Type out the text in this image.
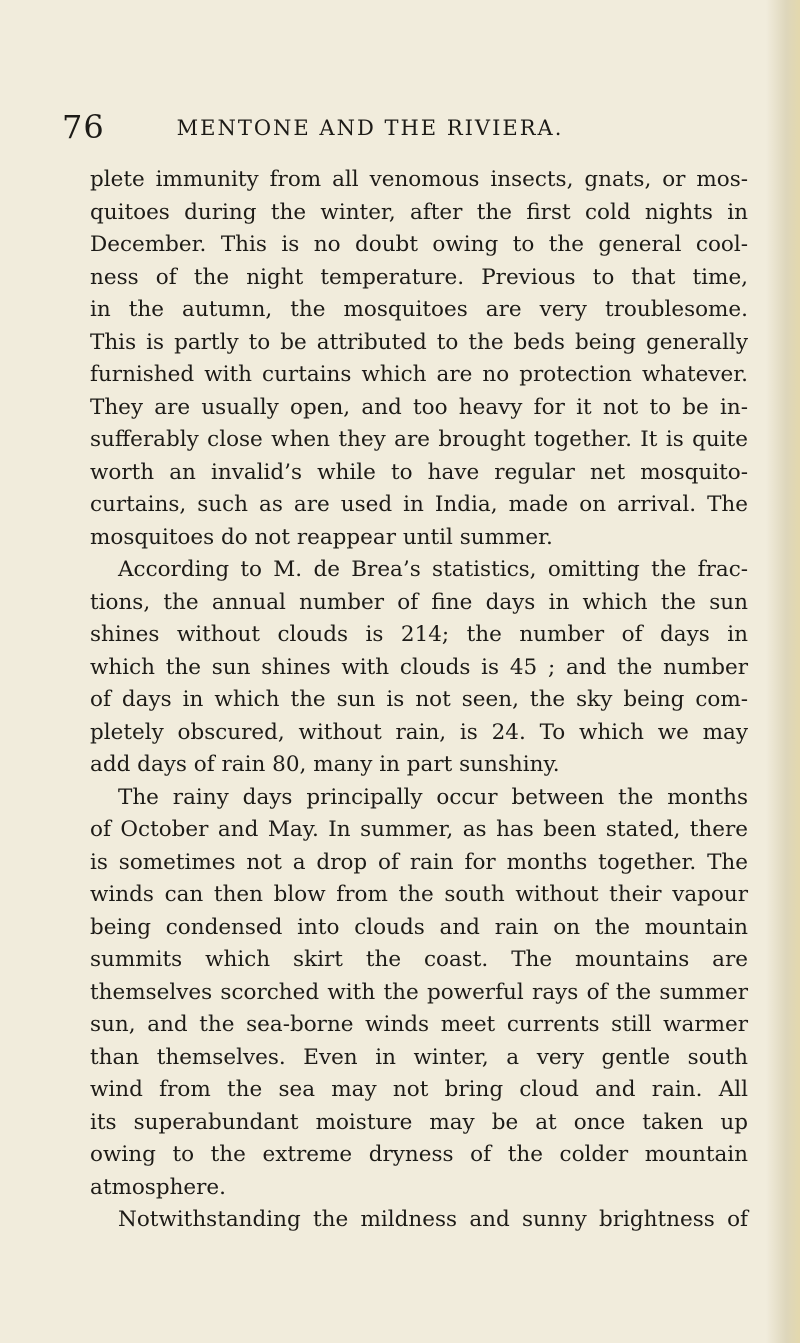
76	MENTONE AND THE RIVIERA.
plete immunity from all venomous insects, gnats, or mos-
quitoes during the winter, after the first cold nights in
December. This is no doubt owing to the general cool-
ness of the night temperature. Previous to that time,
in the autumn, the mosquitoes are very troublesome.
This is partly to be attributed to the beds being generally
furnished with curtains which are no protection whatever.
They are usually open, and too heavy for it not to be in-
sufferably close when they are brought together. It is quite
worth an invalid’s while to have regular net mosquito-
curtains, such as are used in India, made on arrival. The
mosquitoes do not reappear until summer.
According to M. de Brea’s statistics, omitting the frac-
tions, the annual number of fine days in which the sun
shines without clouds is 214; the number of days in
which the sun shines with clouds is 45 ; and the number
of days in which the sun is not seen, the sky being com-
pletely obscured, without rain, is 24. To which we may
add days of rain 80, many in part sunshiny.
The rainy days principally occur between the months
of October and May. In summer, as has been stated, there
is sometimes not a drop of rain for months together. The
winds can then blow from the south without their vapour
being condensed into clouds and rain on the mountain
summits which skirt the coast. The mountains are
themselves scorched with the powerful rays of the summer
sun, and the sea-borne winds meet currents still warmer
than themselves. Even in winter, a very gentle south
wind from the sea may not bring cloud and rain. All
its superabundant moisture may be at once taken up
owing to the extreme dryness of the colder mountain
atmosphere.
Notwithstanding the mildness and sunny brightness of
